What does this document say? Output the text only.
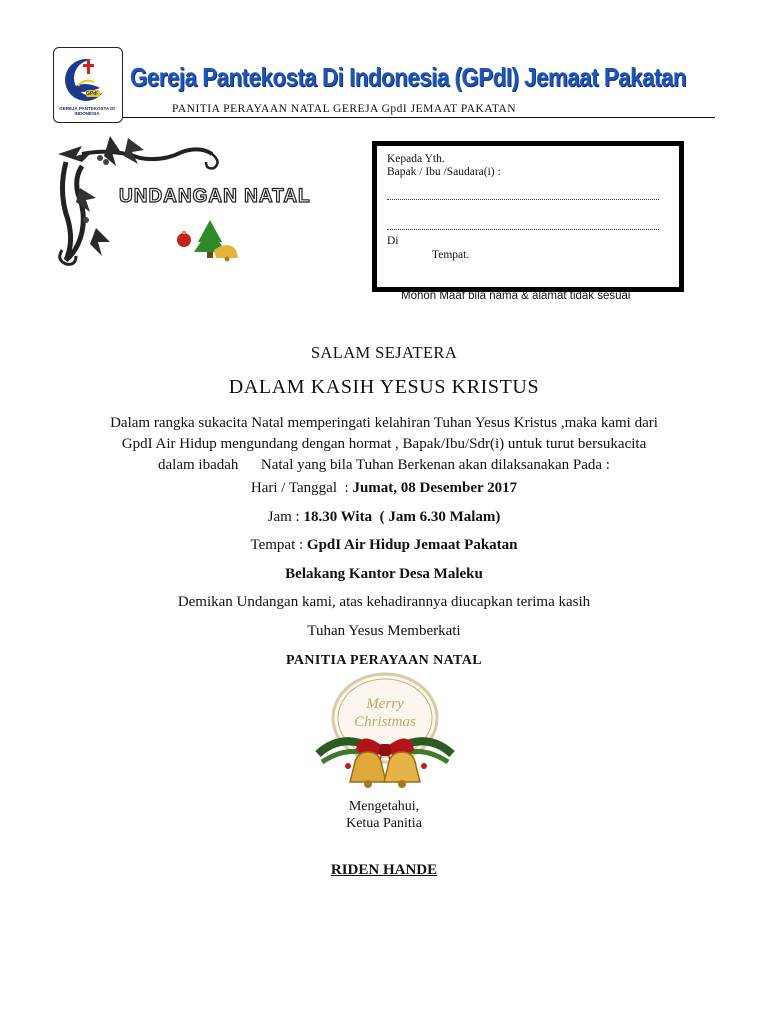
GPdI
GEREJA PANTEKOSTA DI INDONESIA
Gereja Pantekosta Di Indonesia (GPdI) Jemaat Pakatan
PANITIA PERAYAAN NATAL GEREJA GpdI JEMAAT PAKATAN
UNDANGAN NATAL
Kepada Yth.
Bapak / Ibu /Saudara(i) :
Di
Tempat.
Mohon Maaf bila nama & alamat tidak sesuai
SALAM SEJATERA
DALAM KASIH YESUS KRISTUS
Dalam rangka sukacita Natal memperingati kelahiran Tuhan Yesus Kristus ,maka kami dari
GpdI Air Hidup mengundang dengan hormat , Bapak/Ibu/Sdr(i) untuk turut bersukacita
dalam ibadah      Natal yang bila Tuhan Berkenan akan dilaksanakan Pada :
Hari / Tanggal  : Jumat, 08 Desember 2017
Jam : 18.30 Wita  ( Jam 6.30 Malam)
Tempat : GpdI Air Hidup Jemaat Pakatan
Belakang Kantor Desa Maleku
Demikan Undangan kami, atas kehadirannya diucapkan terima kasih
Tuhan Yesus Memberkati
PANITIA PERAYAAN NATAL
Merry
Christmas
Mengetahui,
Ketua Panitia
RIDEN HANDE
